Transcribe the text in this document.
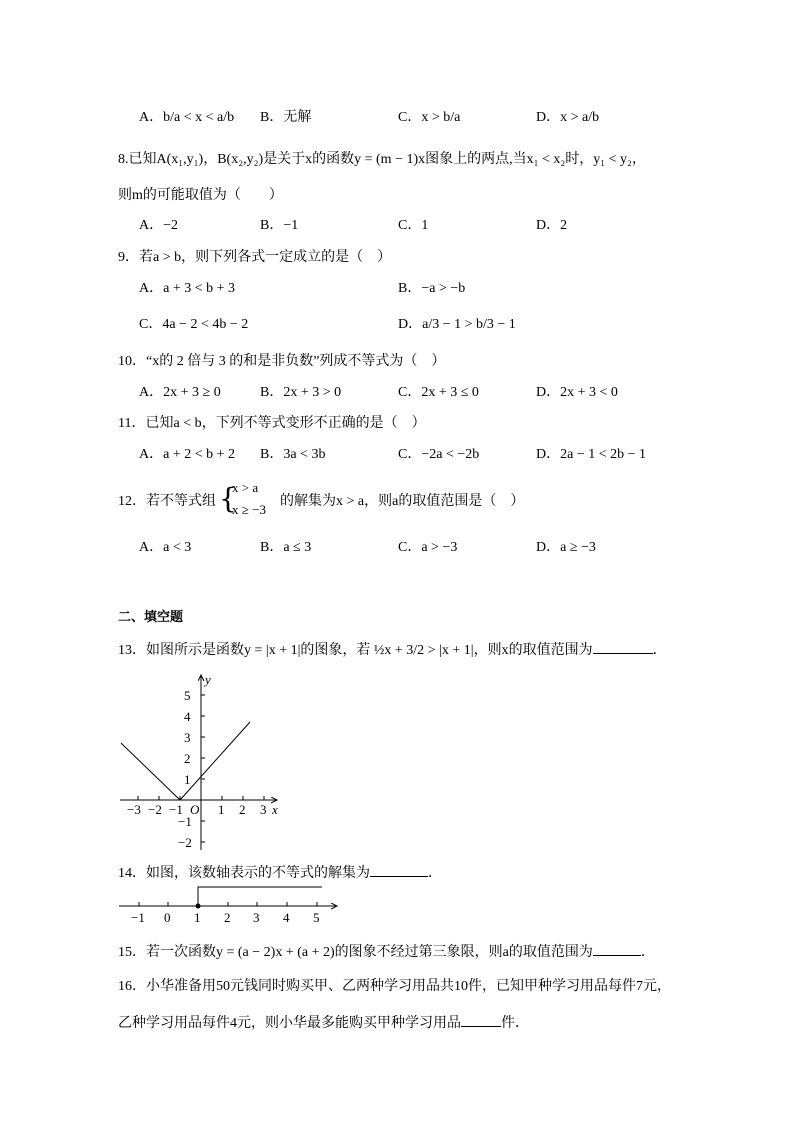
A．b/a < x < a/b B．无解	C．x > b/a	D．x > a/b
8.已知A(x₁,y₁)，B(x₂,y₂)是关于x的函数y = (m − 1)x图象上的两点,当x₁ < x₂时，y₁ < y₂，
则m的可能取值为（　　）
A．−2	B．−1	C．1	D．2
9．若a > b，则下列各式一定成立的是（　）
A．a + 3 < b + 3	B．−a > −b
C．4a − 2 < 4b − 2	D．a/3 − 1 > b/3 − 1
10．“x的 2 倍与 3 的和是非负数”列成不等式为（　）
A．2x + 3 ≥ 0	B．2x + 3 > 0	C．2x + 3 ≤ 0	D．2x + 3 < 0
11．已知a < b，下列不等式变形不正确的是（　）
A．a + 2 < b + 2 B．3a < 3b	C．−2a < −2b	D．2a − 1 < 2b − 1
12．若不等式组 {
x > a
x ≥ −3
的解集为x > a，则a的取值范围是（　）
A．a < 3	B．a ≤ 3	C．a > −3	D．a ≥ −3
二、填空题
13．如图所示是函数y = |x + 1|的图象，若 ½x + 3/2 > |x + 1|，则x的取值范围为	．
−3 −2 −1 O 1 2 3 x
y
5
4
3
2
1
−1
−2
14．如图，该数轴表示的不等式的解集为	．
−1 0 1 2 3 4 5
15．若一次函数y = (a − 2)x + (a + 2)的图象不经过第三象限，则a的取值范围为	．
16．小华准备用50元钱同时购买甲、乙两种学习用品共10件，已知甲种学习用品每件7元，
乙种学习用品每件4元，则小华最多能购买甲种学习用品	件．
